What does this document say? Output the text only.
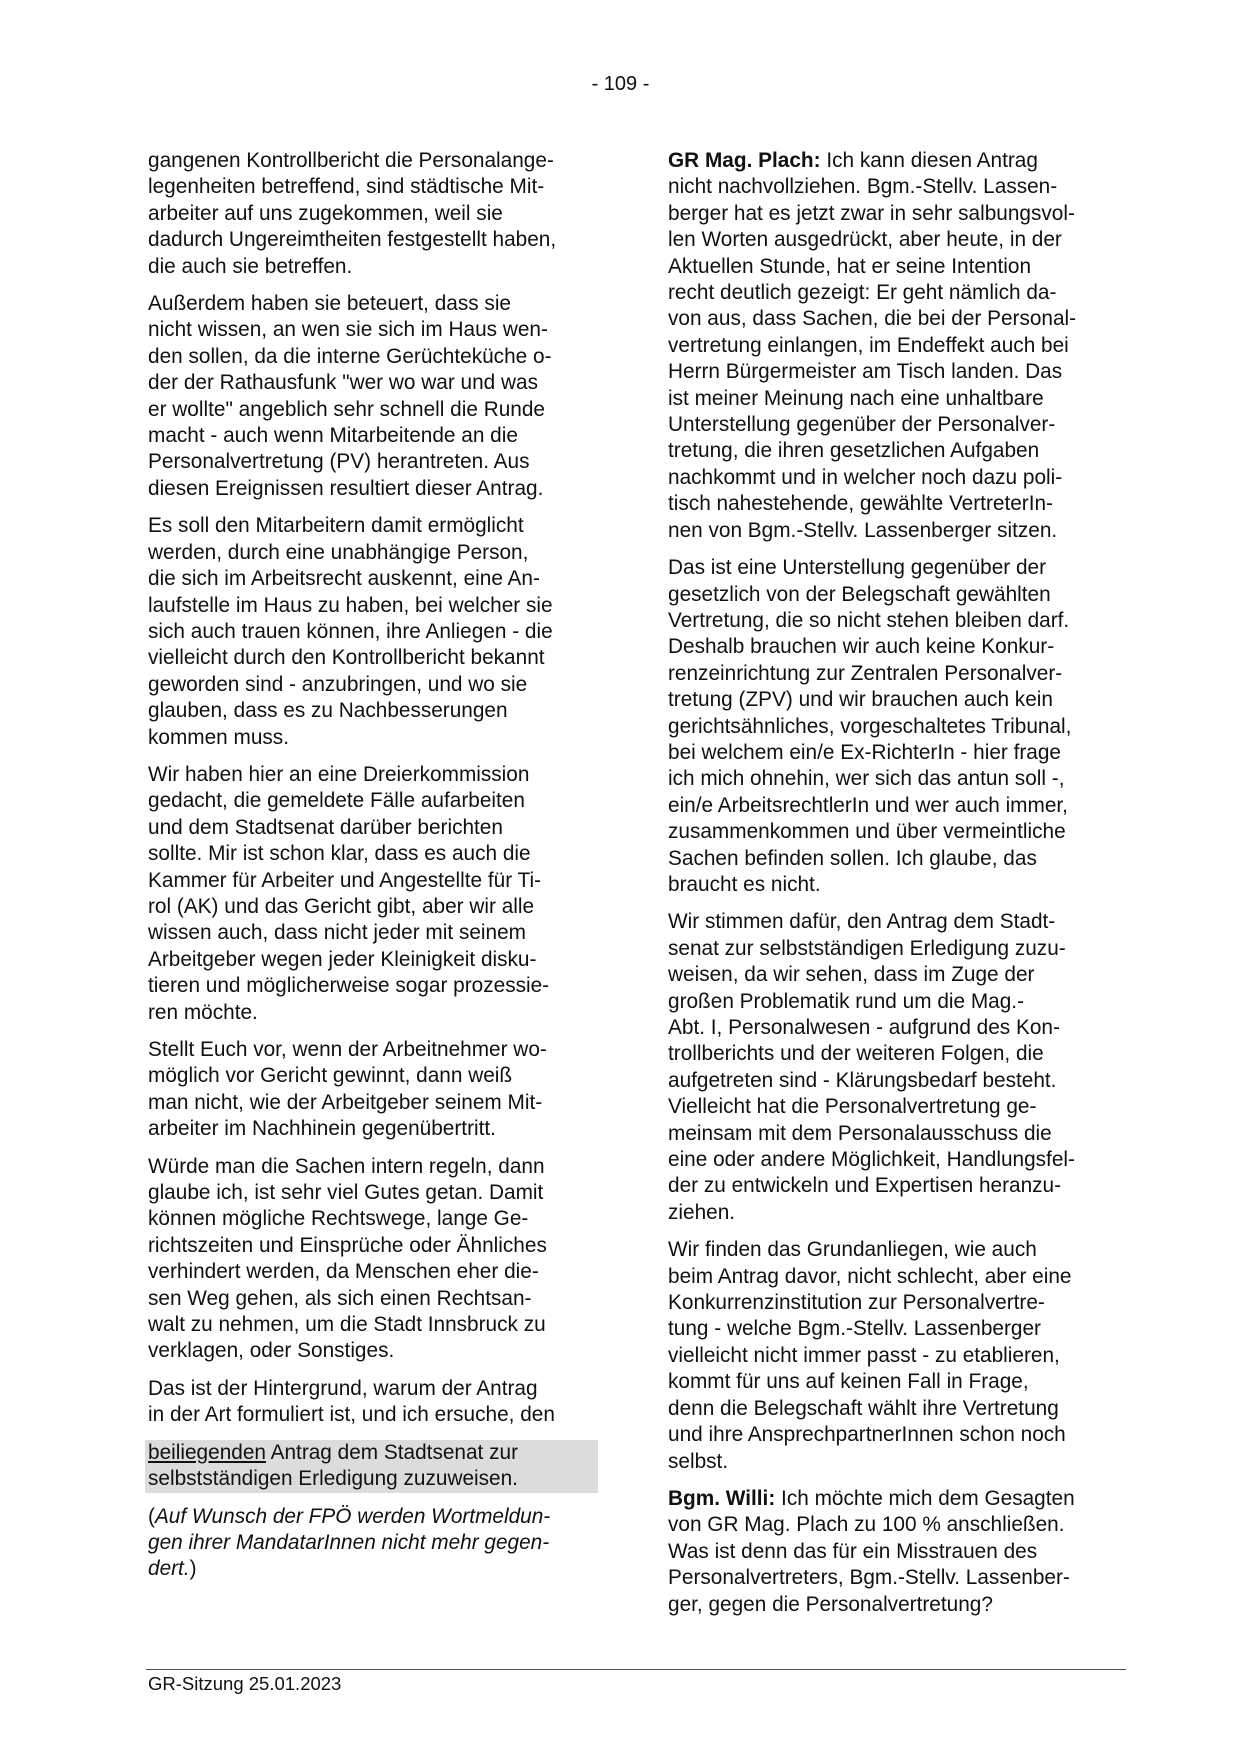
- 109 -
gangenen Kontrollbericht die Personalange-
legenheiten betreffend, sind städtische Mit-
arbeiter auf uns zugekommen, weil sie
dadurch Ungereimtheiten festgestellt haben,
die auch sie betreffen.
Außerdem haben sie beteuert, dass sie
nicht wissen, an wen sie sich im Haus wen-
den sollen, da die interne Gerüchteküche o-
der der Rathausfunk "wer wo war und was
er wollte" angeblich sehr schnell die Runde
macht - auch wenn Mitarbeitende an die
Personalvertretung (PV) herantreten. Aus
diesen Ereignissen resultiert dieser Antrag.
Es soll den Mitarbeitern damit ermöglicht
werden, durch eine unabhängige Person,
die sich im Arbeitsrecht auskennt, eine An-
laufstelle im Haus zu haben, bei welcher sie
sich auch trauen können, ihre Anliegen - die
vielleicht durch den Kontrollbericht bekannt
geworden sind - anzubringen, und wo sie
glauben, dass es zu Nachbesserungen
kommen muss.
Wir haben hier an eine Dreierkommission
gedacht, die gemeldete Fälle aufarbeiten
und dem Stadtsenat darüber berichten
sollte. Mir ist schon klar, dass es auch die
Kammer für Arbeiter und Angestellte für Ti-
rol (AK) und das Gericht gibt, aber wir alle
wissen auch, dass nicht jeder mit seinem
Arbeitgeber wegen jeder Kleinigkeit disku-
tieren und möglicherweise sogar prozessie-
ren möchte.
Stellt Euch vor, wenn der Arbeitnehmer wo-
möglich vor Gericht gewinnt, dann weiß
man nicht, wie der Arbeitgeber seinem Mit-
arbeiter im Nachhinein gegenübertritt.
Würde man die Sachen intern regeln, dann
glaube ich, ist sehr viel Gutes getan. Damit
können mögliche Rechtswege, lange Ge-
richtszeiten und Einsprüche oder Ähnliches
verhindert werden, da Menschen eher die-
sen Weg gehen, als sich einen Rechtsan-
walt zu nehmen, um die Stadt Innsbruck zu
verklagen, oder Sonstiges.
Das ist der Hintergrund, warum der Antrag
in der Art formuliert ist, und ich ersuche, den
beiliegenden Antrag dem Stadtsenat zur
selbstständigen Erledigung zuzuweisen.
(Auf Wunsch der FPÖ werden Wortmeldun-
gen ihrer MandatarInnen nicht mehr gegen-
dert.)
GR Mag. Plach: Ich kann diesen Antrag
nicht nachvollziehen. Bgm.-Stellv. Lassen-
berger hat es jetzt zwar in sehr salbungsvol-
len Worten ausgedrückt, aber heute, in der
Aktuellen Stunde, hat er seine Intention
recht deutlich gezeigt: Er geht nämlich da-
von aus, dass Sachen, die bei der Personal-
vertretung einlangen, im Endeffekt auch bei
Herrn Bürgermeister am Tisch landen. Das
ist meiner Meinung nach eine unhaltbare
Unterstellung gegenüber der Personalver-
tretung, die ihren gesetzlichen Aufgaben
nachkommt und in welcher noch dazu poli-
tisch nahestehende, gewählte VertreterIn-
nen von Bgm.-Stellv. Lassenberger sitzen.
Das ist eine Unterstellung gegenüber der
gesetzlich von der Belegschaft gewählten
Vertretung, die so nicht stehen bleiben darf.
Deshalb brauchen wir auch keine Konkur-
renzeinrichtung zur Zentralen Personalver-
tretung (ZPV) und wir brauchen auch kein
gerichtsähnliches, vorgeschaltetes Tribunal,
bei welchem ein/e Ex-RichterIn - hier frage
ich mich ohnehin, wer sich das antun soll -,
ein/e ArbeitsrechtlerIn und wer auch immer,
zusammenkommen und über vermeintliche
Sachen befinden sollen. Ich glaube, das
braucht es nicht.
Wir stimmen dafür, den Antrag dem Stadt-
senat zur selbstständigen Erledigung zuzu-
weisen, da wir sehen, dass im Zuge der
großen Problematik rund um die Mag.-
Abt. I, Personalwesen - aufgrund des Kon-
trollberichts und der weiteren Folgen, die
aufgetreten sind - Klärungsbedarf besteht.
Vielleicht hat die Personalvertretung ge-
meinsam mit dem Personalausschuss die
eine oder andere Möglichkeit, Handlungsfel-
der zu entwickeln und Expertisen heranzu-
ziehen.
Wir finden das Grundanliegen, wie auch
beim Antrag davor, nicht schlecht, aber eine
Konkurrenzinstitution zur Personalvertre-
tung - welche Bgm.-Stellv. Lassenberger
vielleicht nicht immer passt - zu etablieren,
kommt für uns auf keinen Fall in Frage,
denn die Belegschaft wählt ihre Vertretung
und ihre AnsprechpartnerInnen schon noch
selbst.
Bgm. Willi: Ich möchte mich dem Gesagten
von GR Mag. Plach zu 100 % anschließen.
Was ist denn das für ein Misstrauen des
Personalvertreters, Bgm.-Stellv. Lassenber-
ger, gegen die Personalvertretung?
GR-Sitzung 25.01.2023
